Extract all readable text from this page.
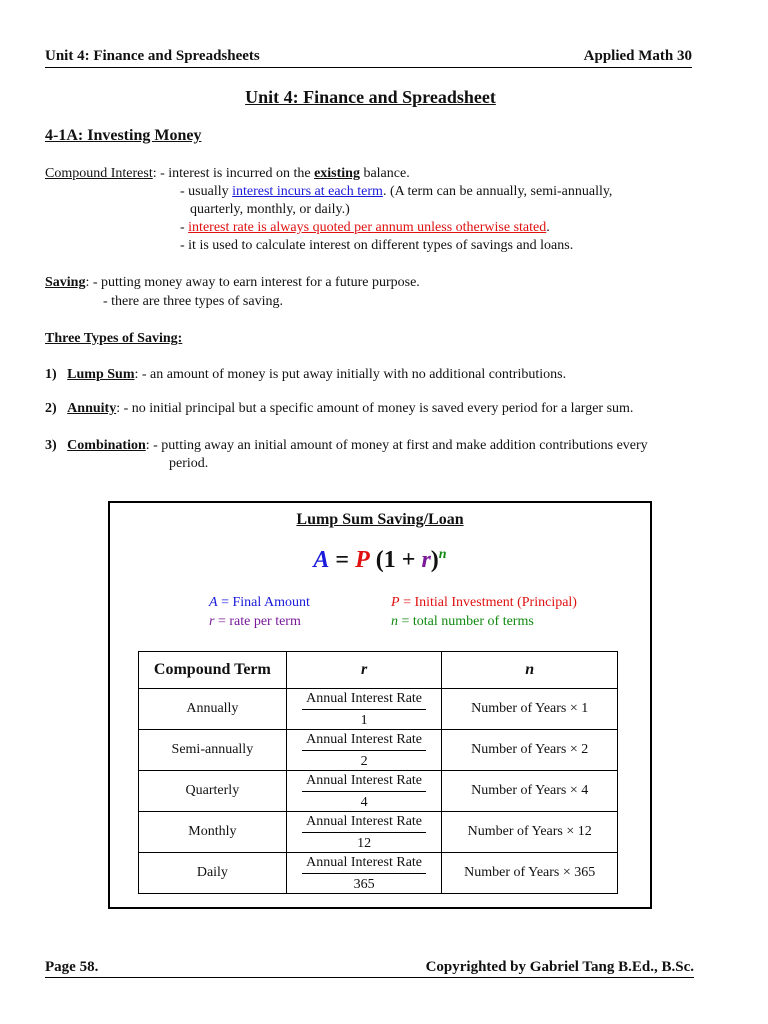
Unit 4: Finance and Spreadsheets	Applied Math 30
Unit 4: Finance and Spreadsheet
4-1A: Investing Money
Compound Interest: - interest is incurred on the existing balance.
- usually interest incurs at each term. (A term can be annually, semi-annually,
quarterly, monthly, or daily.)
- interest rate is always quoted per annum unless otherwise stated.
- it is used to calculate interest on different types of savings and loans.
Saving: - putting money away to earn interest for a future purpose.
- there are three types of saving.
Three Types of Saving:
1) Lump Sum: - an amount of money is put away initially with no additional contributions.
2) Annuity: - no initial principal but a specific amount of money is saved every period for a larger sum.
3) Combination: - putting away an initial amount of money at first and make addition contributions every
period.
Lump Sum Saving/Loan
A = P $(1 + r)^n$
A = Final Amount	P = Initial Investment (Principal)
r = rate per term	n = total number of terms
Compound Term	r	n
Annually	$\frac{\text{Annual Interest Rate}}{1}$	Number of Years × 1
Semi-annually	$\frac{\text{Annual Interest Rate}}{2}$	Number of Years × 2
Quarterly	$\frac{\text{Annual Interest Rate}}{4}$	Number of Years × 4
Monthly	$\frac{\text{Annual Interest Rate}}{12}$	Number of Years × 12
Daily	$\frac{\text{Annual Interest Rate}}{365}$	Number of Years × 365
Page 58.	Copyrighted by Gabriel Tang B.Ed., B.Sc.
